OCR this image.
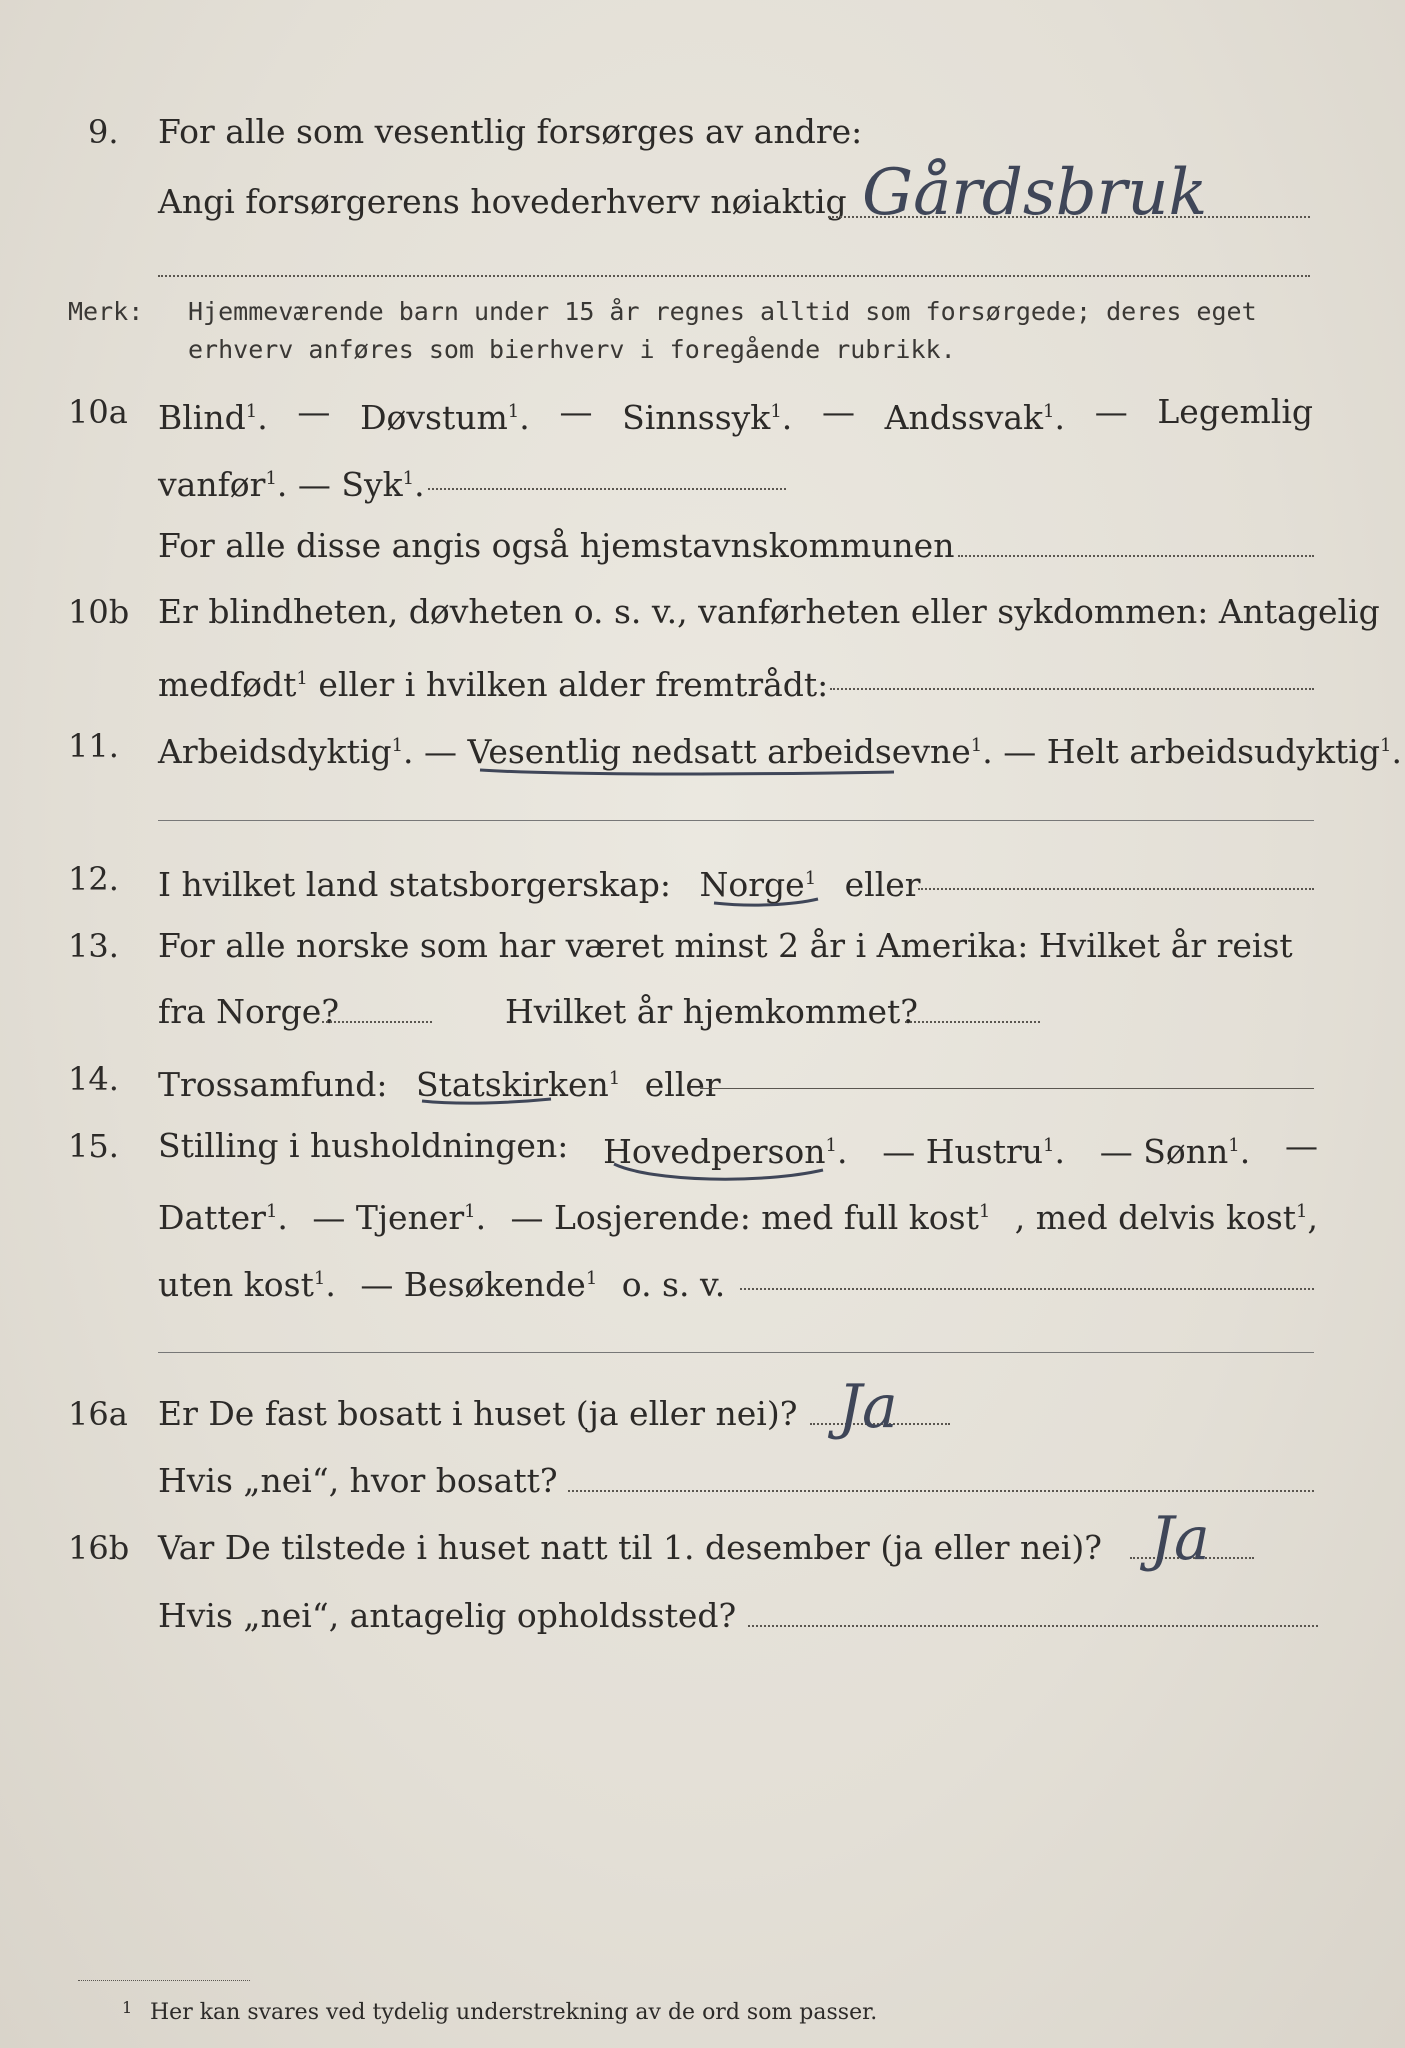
9. For alle som vesentlig forsørges av andre:
Angi forsørgerens hovederhverv nøiaktig Gårdsbruk
Merk: Hjemmeværende barn under 15 år regnes alltid som forsørgede; deres eget erhverv anføres som bierhverv i foregående rubrikk.
10a Blind$^1$. — Døvstum$^1$. — Sinnssyk$^1$. — Andssvak$^1$. — Legemlig
vanfør$^1$. — Syk$^1$.
For alle disse angis også hjemstavnskommunen
10b Er blindheten, døvheten o. s. v., vanførheten eller sykdommen: Antagelig
medfødt$^1$ eller i hvilken alder fremtrådt:
11. Arbeidsdyktig$^1$. — Vesentlig nedsatt arbeidsevne$^1$. — Helt arbeidsudyktig$^1$.
12. I hvilket land statsborgerskap: Norge$^1$ eller
13. For alle norske som har været minst 2 år i Amerika: Hvilket år reist
fra Norge?	Hvilket år hjemkommet?
14. Trossamfund: Statskirken$^1$ eller
15. Stilling i husholdningen: Hovedperson$^1$. — Hustru$^1$. — Sønn$^1$. —
Datter$^1$. — Tjener$^1$. — Losjerende: med full kost$^1$ , med delvis kost$^1$,
uten kost$^1$. — Besøkende$^1$ o. s. v.
16a Er De fast bosatt i huset (ja eller nei)? Ja
Hvis „nei“, hvor bosatt?
16b Var De tilstede i huset natt til 1. desember (ja eller nei)? Ja
Hvis „nei“, antagelig opholdssted?
1 Her kan svares ved tydelig understrekning av de ord som passer.
